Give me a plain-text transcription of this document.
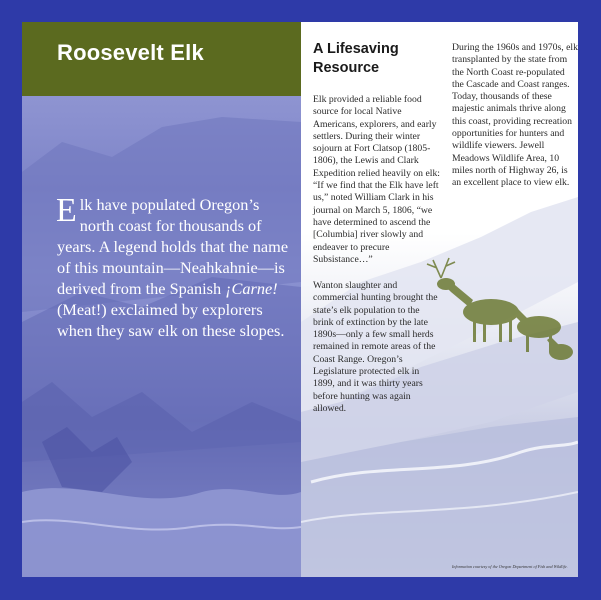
Roosevelt Elk

Elk have populated Oregon’s north coast for thousands of years. A legend holds that the name of this mountain—Neahkahnie—is derived from the Spanish ¡Carne! (Meat!) exclaimed by explorers when they saw elk on these slopes.

A Lifesaving Resource

Elk provided a reliable food source for local Native Americans, explorers, and early settlers. During their winter sojourn at Fort Clatsop (1805-1806), the Lewis and Clark Expedition relied heavily on elk: “If we find that the Elk have left us,” noted William Clark in his journal on March 5, 1806, “we have determined to ascend the [Columbia] river slowly and endeaver to precure Subsistance…”

Wanton slaughter and commercial hunting brought the state’s elk population to the brink of extinction by the late 1890s—only a few small herds remained in remote areas of the Coast Range. Oregon’s Legislature protected elk in 1899, and it was thirty years before hunting was again allowed.

During the 1960s and 1970s, elk transplanted by the state from the North Coast re-populated the Cascade and Coast ranges. Today, thousands of these majestic animals thrive along this coast, providing recreation opportunities for hunters and wildlife viewers. Jewell Meadows Wildlife Area, 10 miles north of Highway 26, is an excellent place to view elk.

Information courtesy of the Oregon Department of Fish and Wildlife.
